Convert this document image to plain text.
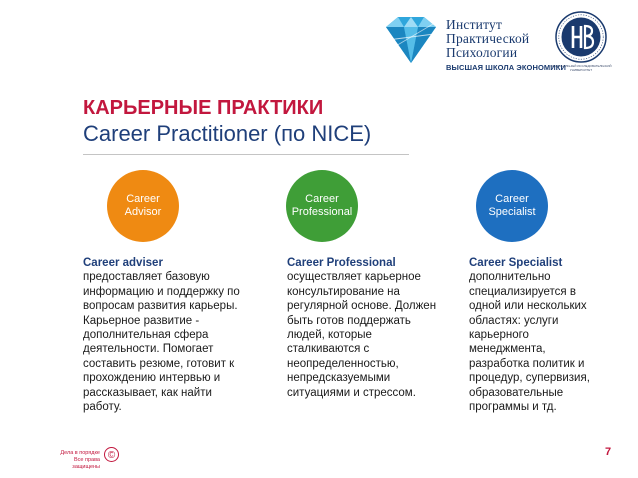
Институт
Практической
Психологии
ВЫСШАЯ ШКОЛА ЭКОНОМИКИ
НАЦИОНАЛЬНЫЙ ИССЛЕДОВАТЕЛЬСКИЙ УНИВЕРСИТЕТ
КАРЬЕРНЫЕ ПРАКТИКИ
Career Practitioner (по NICE)
Career
Advisor
Career
Professional
Career
Specialist
Career adviser
предоставляет базовую
информацию и поддержку по
вопросам развития карьеры.
Карьерное развитие -
дополнительная сфера
деятельности. Помогает
составить резюме, готовит к
прохождению интервью и
рассказывает, как найти
работу.
Career Professional
осуществляет карьерное
консультирование на
регулярной основе. Должен
быть готов поддержать
людей, которые
сталкиваются с
неопределенностью,
непредсказуемыми
ситуациями и стрессом.
Career Specialist
дополнительно
специализируется в
одной или нескольких
областях: услуги
карьерного
менеджмента,
разработка политик и
процедур, супервизия,
образовательные
программы и тд.
Дела в порядке
Все права защищены
©	7
